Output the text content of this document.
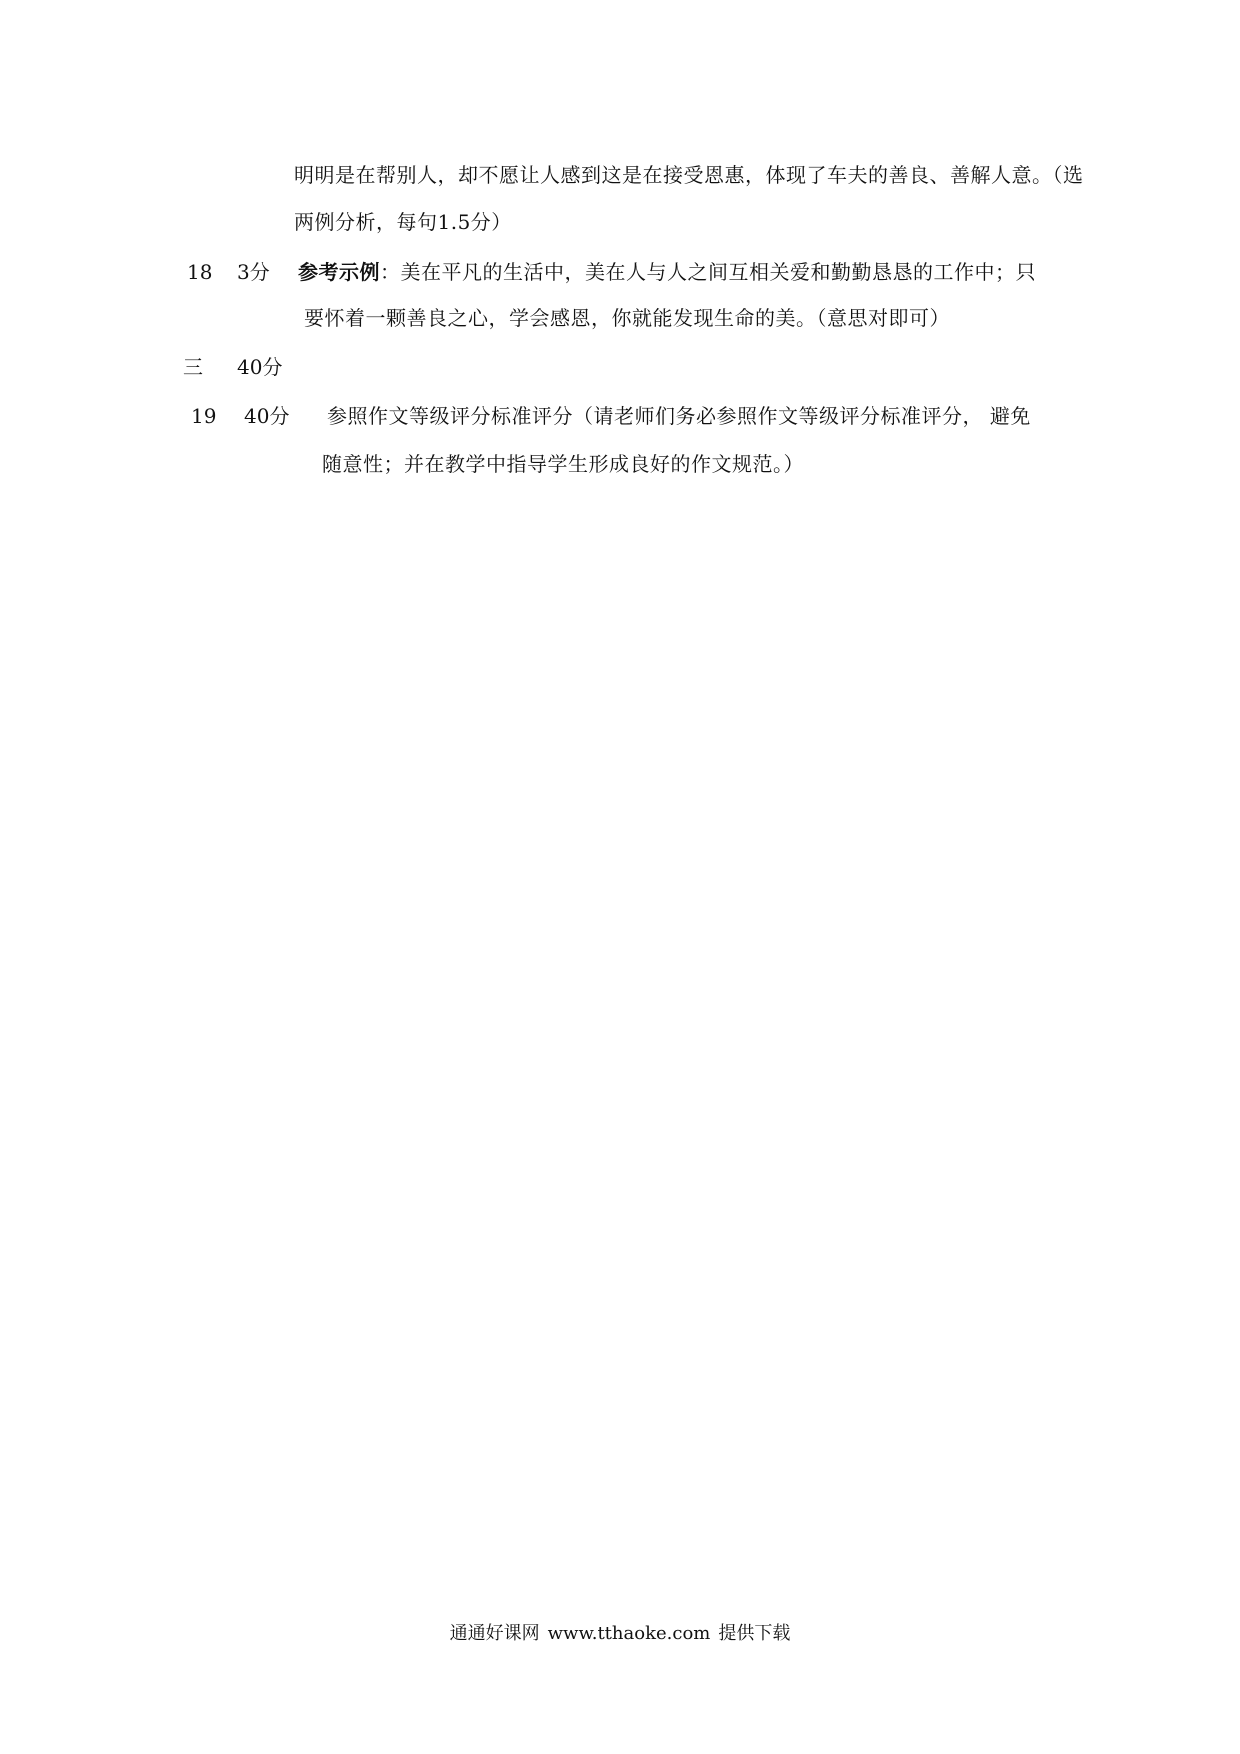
明明是在帮别人，却不愿让人感到这是在接受恩惠，体现了车夫的善良、善解人意。（选
两例分析，每句1.5分）
18 3分 参考示例：美在平凡的生活中，美在人与人之间互相关爱和勤勤恳恳的工作中；只
要怀着一颗善良之心，学会感恩，你就能发现生命的美。（意思对即可）
三 40分
19 40分 参照作文等级评分标准评分（请老师们务必参照作文等级评分标准评分， 避免
随意性；并在教学中指导学生形成良好的作文规范。）
通通好课网 www.tthaoke.com 提供下载
